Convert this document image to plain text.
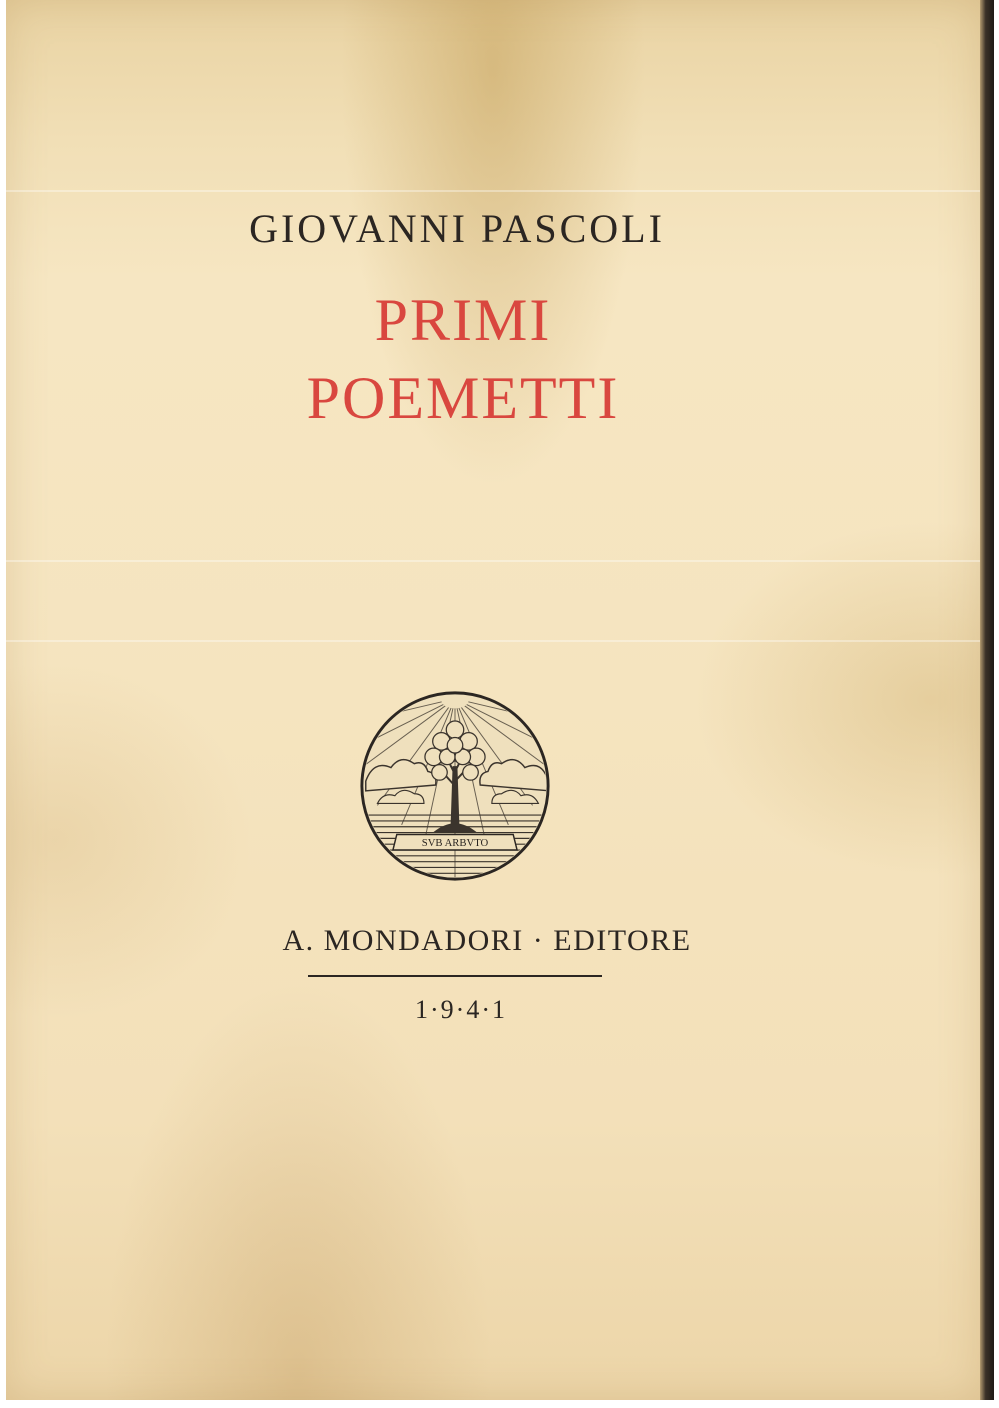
GIOVANNI PASCOLI
PRIMI
POEMETTI
SVB ARBVTO
A. MONDADORI · EDITORE
1·9·4·1
